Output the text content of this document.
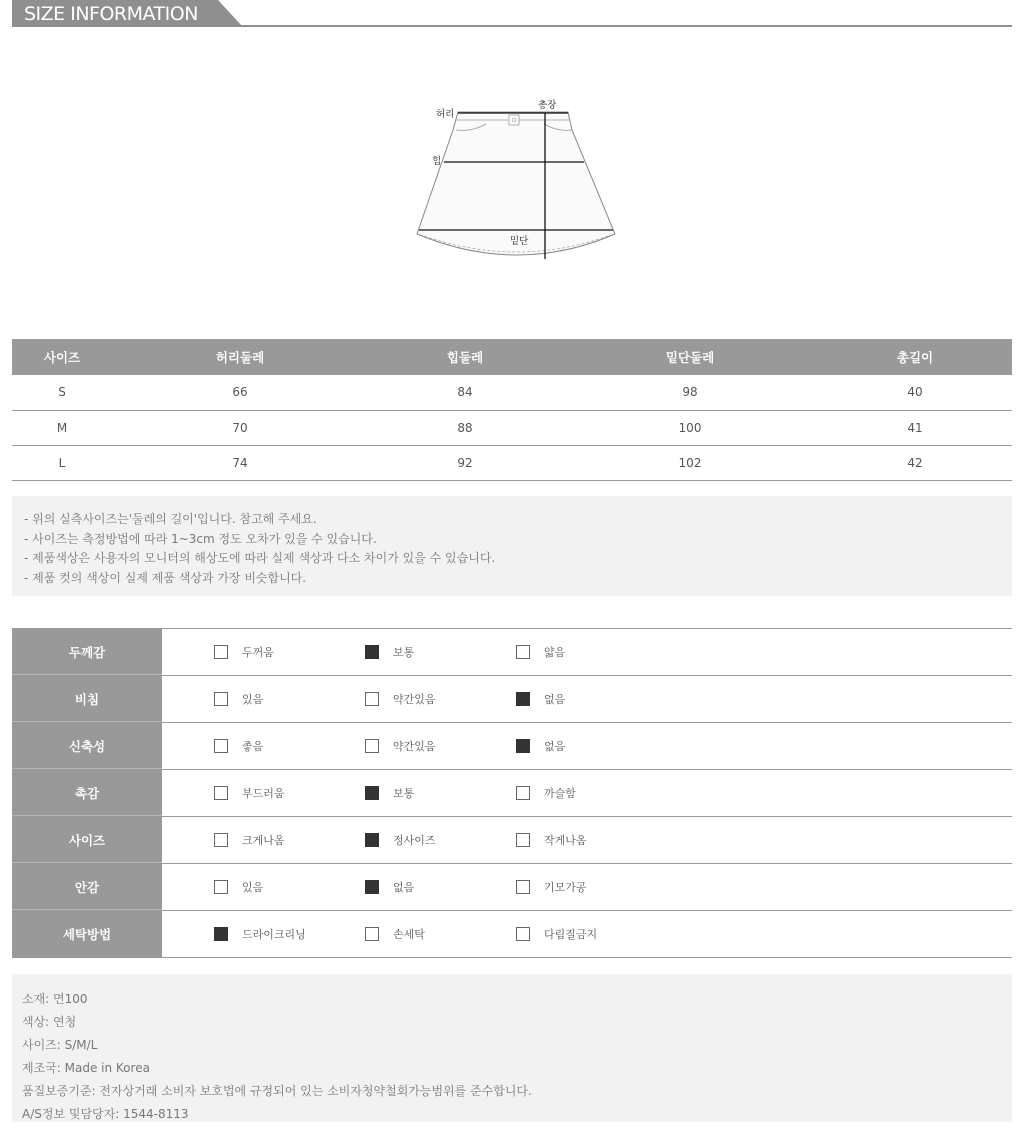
SIZE INFORMATION
허리
총장
힙
밑단
사이즈	허리둘레	힙둘레	밑단둘레	총길이
S	66	84	98	40
M	70	88	100	41
L	74	92	102	42

- 위의 실측사이즈는'둘레의 길이'입니다. 참고해 주세요.

- 사이즈는 측정방법에 따라 1~3cm 정도 오차가 있을 수 있습니다.

- 제품색상은 사용자의 모니터의 해상도에 따라 실제 색상과 다소 차이가 있을 수 있습니다.

- 제품 컷의 색상이 실제 제품 색상과 가장 비슷합니다.

두께감	두꺼움	보통	얇음
비침	있음	약간있음	없음
신축성	좋음	약간있음	없음
촉감	부드러움	보통	까슬함
사이즈	크게나옴	정사이즈	작게나옴
안감	있음	없음	기모가공
세탁방법	드라이크리닝	손세탁	다림질금지

소재: 면100

색상: 연청

사이즈: S/M/L

제조국: Made in Korea

품질보증기준: 전자상거래 소비자 보호법에 규정되어 있는 소비자청약철회가능범위를 준수합니다.

A/S정보 및담당자: 1544-8113
